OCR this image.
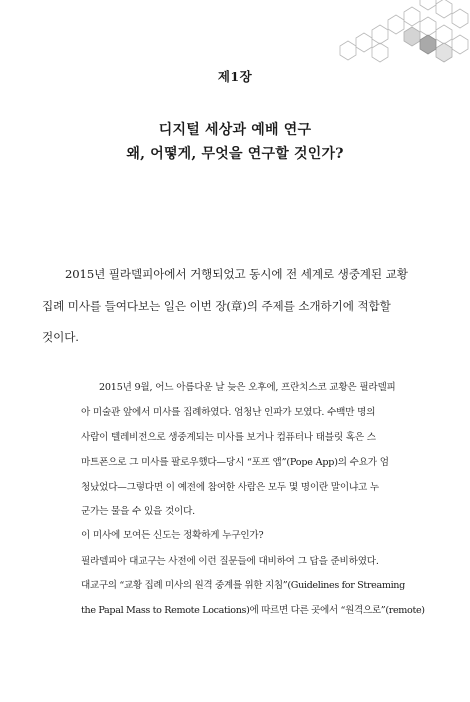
제1장
디지털 세상과 예배 연구
왜, 어떻게, 무엇을 연구할 것인가?
2015년 필라델피아에서 거행되었고 동시에 전 세계로 생중계된 교황
집례 미사를 들여다보는 일은 이번 장(章)의 주제를 소개하기에 적합할
것이다.
2015년 9월, 어느 아름다운 날 늦은 오후에, 프란치스코 교황은 필라델피
아 미술관 앞에서 미사를 집례하였다. 엄청난 인파가 모였다. 수백만 명의
사람이 텔레비전으로 생중계되는 미사를 보거나 컴퓨터나 태블릿 혹은 스
마트폰으로 그 미사를 팔로우했다—당시 “포프 앱”(Pope App)의 수요가 엄
청났었다—그렇다면 이 예전에 참여한 사람은 모두 몇 명이란 말이냐고 누
군가는 물을 수 있을 것이다.
이 미사에 모여든 신도는 정확하게 누구인가?
필라델피아 대교구는 사전에 이런 질문들에 대비하여 그 답을 준비하였다.
대교구의 “교황 집례 미사의 원격 중계를 위한 지침”(Guidelines for Streaming
the Papal Mass to Remote Locations)에 따르면 다른 곳에서 “원격으로”(remote)
